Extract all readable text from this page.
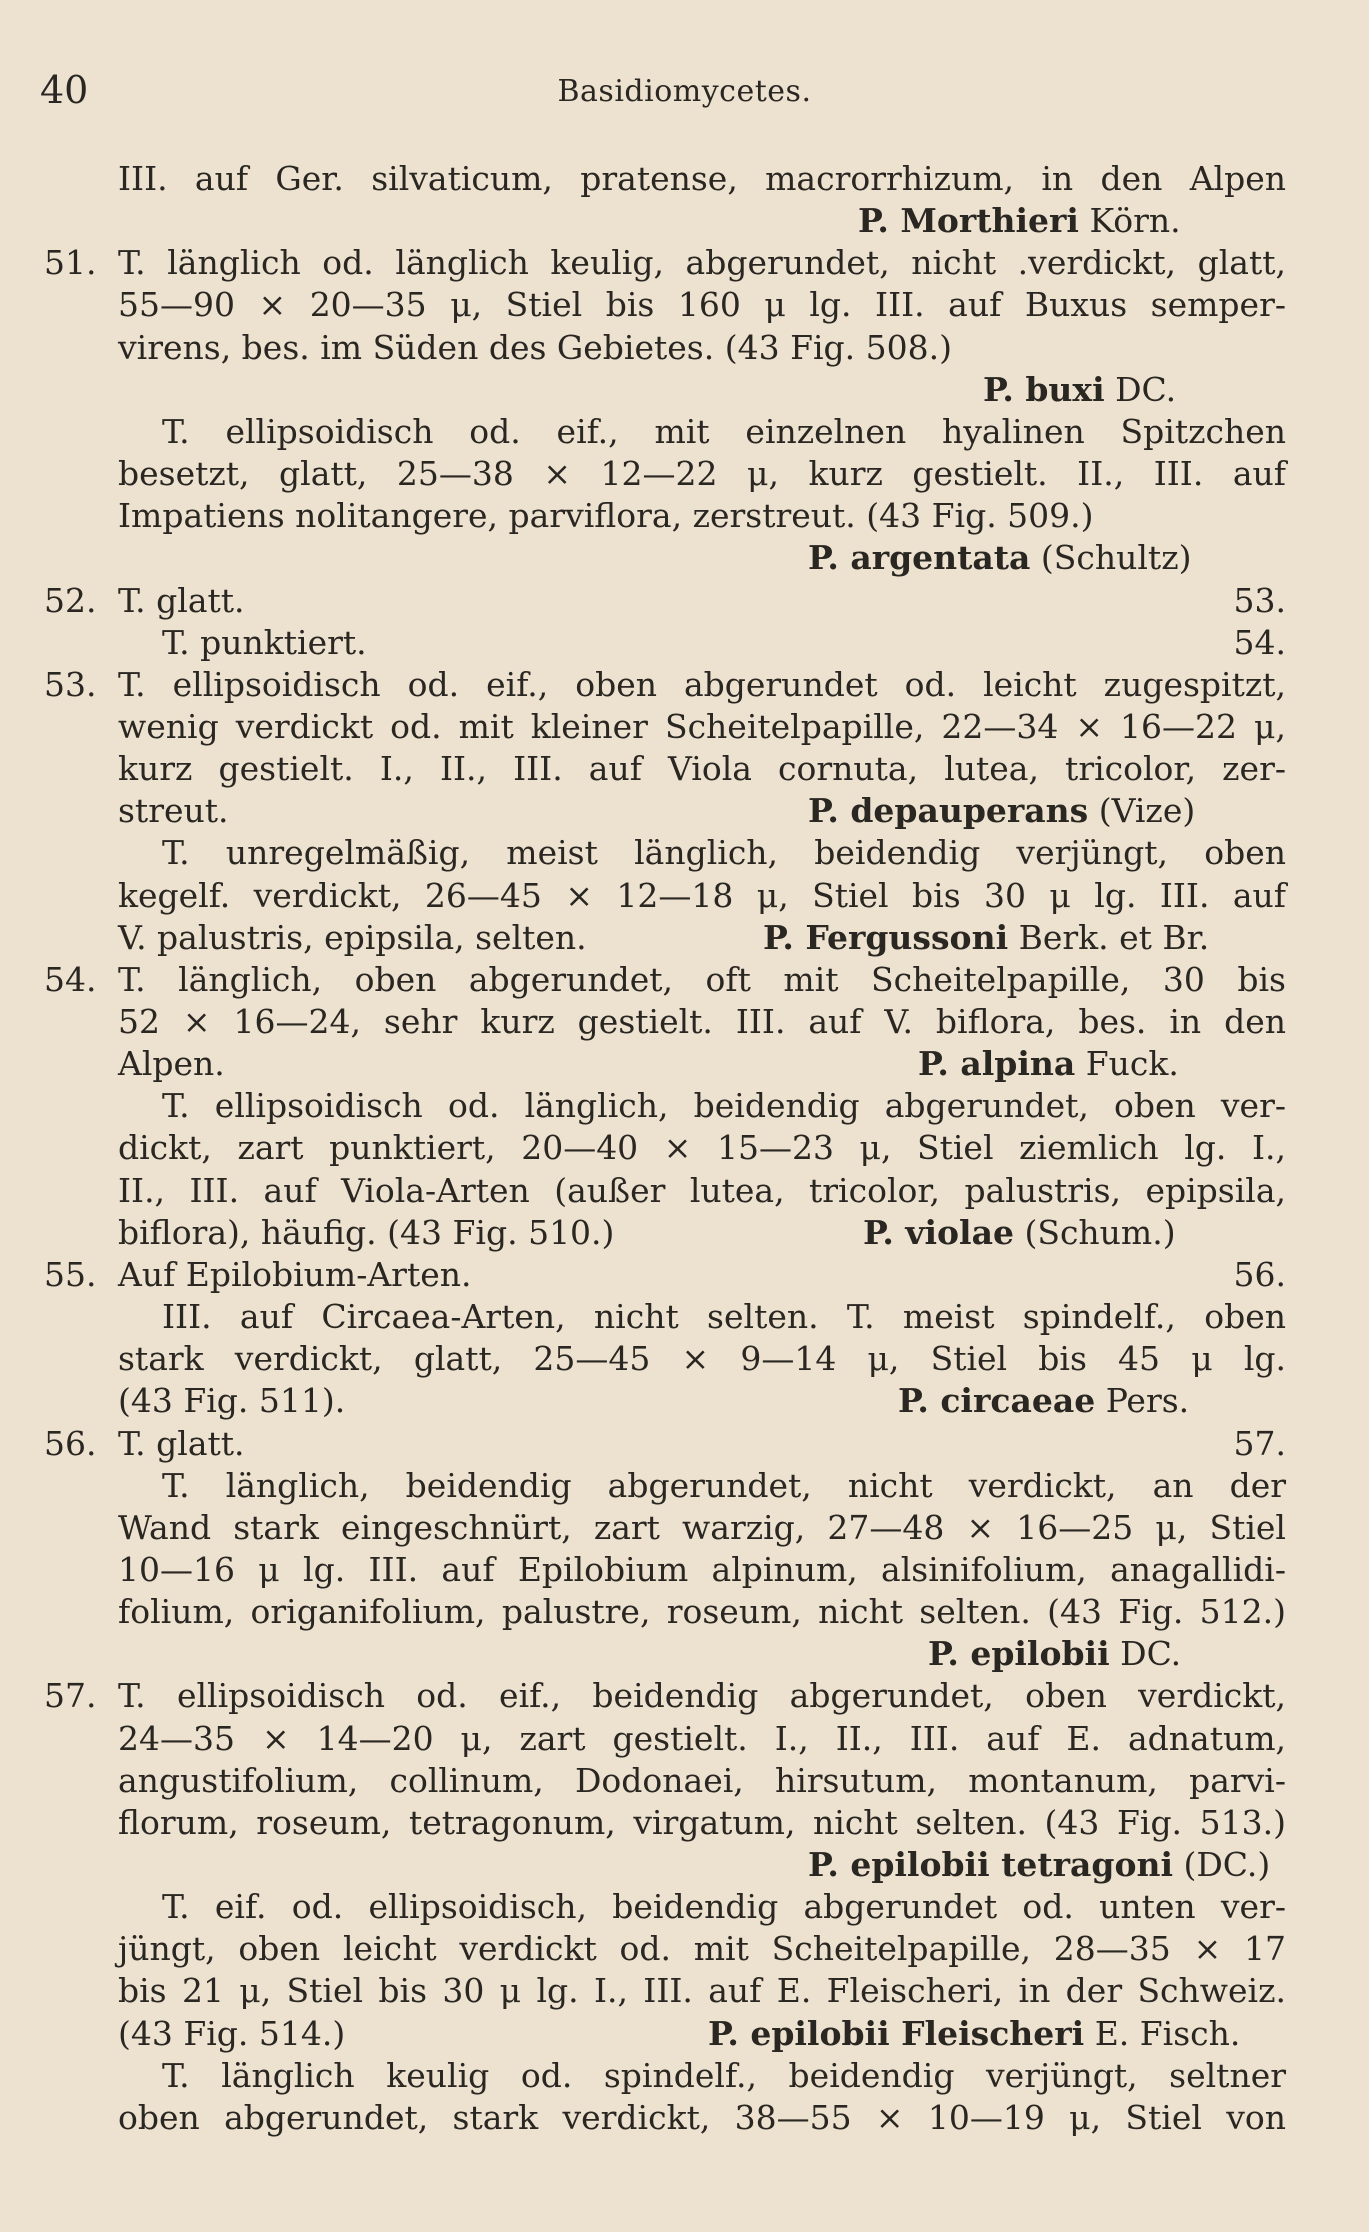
40	Basidiomycetes.
III. auf Ger. silvaticum, pratense, macrorrhizum, in den Alpen
P. Morthieri Körn.
51. T. länglich od. länglich keulig, abgerundet, nicht .verdickt, glatt,
55—90 × 20—35 μ, Stiel bis 160 μ lg. III. auf Buxus semper-
virens, bes. im Süden des Gebietes. (43 Fig. 508.)
P. buxi DC.
T. ellipsoidisch od. eif., mit einzelnen hyalinen Spitzchen
besetzt, glatt, 25—38 × 12—22 μ, kurz gestielt. II., III. auf
Impatiens nolitangere, parviflora, zerstreut. (43 Fig. 509.)
P. argentata (Schultz)
52. T. glatt.	53.
T. punktiert.	54.
53. T. ellipsoidisch od. eif., oben abgerundet od. leicht zugespitzt,
wenig verdickt od. mit kleiner Scheitelpapille, 22—34 × 16—22 μ,
kurz gestielt. I., II., III. auf Viola cornuta, lutea, tricolor, zer-
streut.	P. depauperans (Vize)
T. unregelmäßig, meist länglich, beidendig verjüngt, oben
kegelf. verdickt, 26—45 × 12—18 μ, Stiel bis 30 μ lg. III. auf
V. palustris, epipsila, selten.	P. Fergussoni Berk. et Br.
54. T. länglich, oben abgerundet, oft mit Scheitelpapille, 30 bis
52 × 16—24, sehr kurz gestielt. III. auf V. biflora, bes. in den
Alpen.	P. alpina Fuck.
T. ellipsoidisch od. länglich, beidendig abgerundet, oben ver-
dickt, zart punktiert, 20—40 × 15—23 μ, Stiel ziemlich lg. I.,
II., III. auf Viola-Arten (außer lutea, tricolor, palustris, epipsila,
biflora), häufig. (43 Fig. 510.)	P. violae (Schum.)
55. Auf Epilobium-Arten.	56.
III. auf Circaea-Arten, nicht selten. T. meist spindelf., oben
stark verdickt, glatt, 25—45 × 9—14 μ, Stiel bis 45 μ lg.
(43 Fig. 511).	P. circaeae Pers.
56. T. glatt.	57.
T. länglich, beidendig abgerundet, nicht verdickt, an der
Wand stark eingeschnürt, zart warzig, 27—48 × 16—25 μ, Stiel
10—16 μ lg. III. auf Epilobium alpinum, alsinifolium, anagallidi-
folium, origanifolium, palustre, roseum, nicht selten. (43 Fig. 512.)
P. epilobii DC.
57. T. ellipsoidisch od. eif., beidendig abgerundet, oben verdickt,
24—35 × 14—20 μ, zart gestielt. I., II., III. auf E. adnatum,
angustifolium, collinum, Dodonaei, hirsutum, montanum, parvi-
florum, roseum, tetragonum, virgatum, nicht selten. (43 Fig. 513.)
P. epilobii tetragoni (DC.)
T. eif. od. ellipsoidisch, beidendig abgerundet od. unten ver-
jüngt, oben leicht verdickt od. mit Scheitelpapille, 28—35 × 17
bis 21 μ, Stiel bis 30 μ lg. I., III. auf E. Fleischeri, in der Schweiz.
(43 Fig. 514.)	P. epilobii Fleischeri E. Fisch.
T. länglich keulig od. spindelf., beidendig verjüngt, seltner
oben abgerundet, stark verdickt, 38—55 × 10—19 μ, Stiel von
